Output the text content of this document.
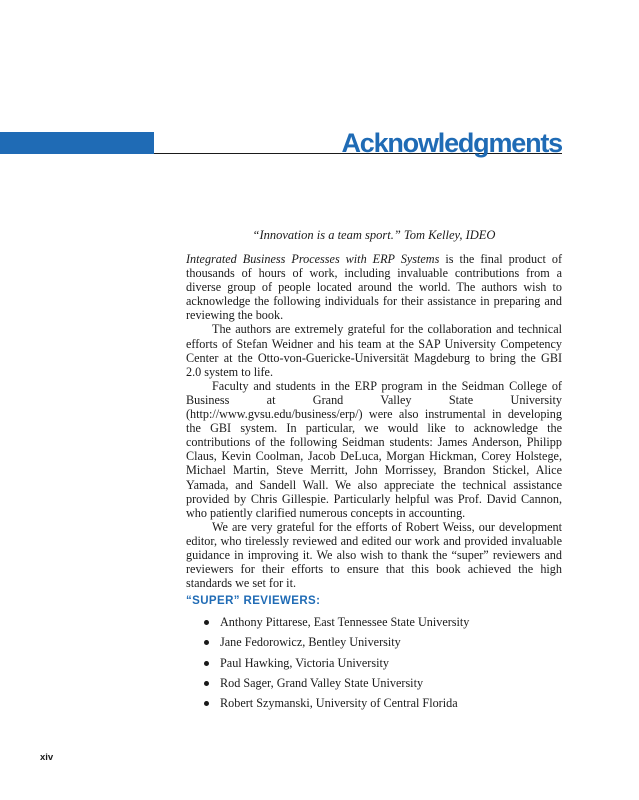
Acknowledgments
“Innovation is a team sport.” Tom Kelley, IDEO

Integrated Business Processes with ERP Systems is the final product of thousands of hours of work, including invaluable contributions from a diverse group of people located around the world. The authors wish to acknowledge the following individuals for their assistance in preparing and reviewing the book.

The authors are extremely grateful for the collaboration and technical efforts of Stefan Weidner and his team at the SAP University Competency Center at the Otto-von-Guericke-Universität Magdeburg to bring the GBI 2.0 system to life.

Faculty and students in the ERP program in the Seidman College of Business at Grand Valley State University (http://www.gvsu.edu/business/erp/) were also instrumental in developing the GBI system. In particular, we would like to acknowledge the contributions of the following Seidman students: James Anderson, Philipp Claus, Kevin Coolman, Jacob DeLuca, Morgan Hickman, Corey Holstege, Michael Martin, Steve Merritt, John Morrissey, Brandon Stickel, Alice Yamada, and Sandell Wall. We also appreciate the technical assistance provided by Chris Gillespie. Particularly helpful was Prof. David Cannon, who patiently clarified numerous concepts in accounting.

We are very grateful for the efforts of Robert Weiss, our development editor, who tirelessly reviewed and edited our work and provided invaluable guidance in improving it. We also wish to thank the “super” reviewers and reviewers for their efforts to ensure that this book achieved the high standards we set for it.

“SUPER” REVIEWERS:
Anthony Pittarese, East Tennessee State University
Jane Fedorowicz, Bentley University
Paul Hawking, Victoria University
Rod Sager, Grand Valley State University
Robert Szymanski, University of Central Florida
xiv
